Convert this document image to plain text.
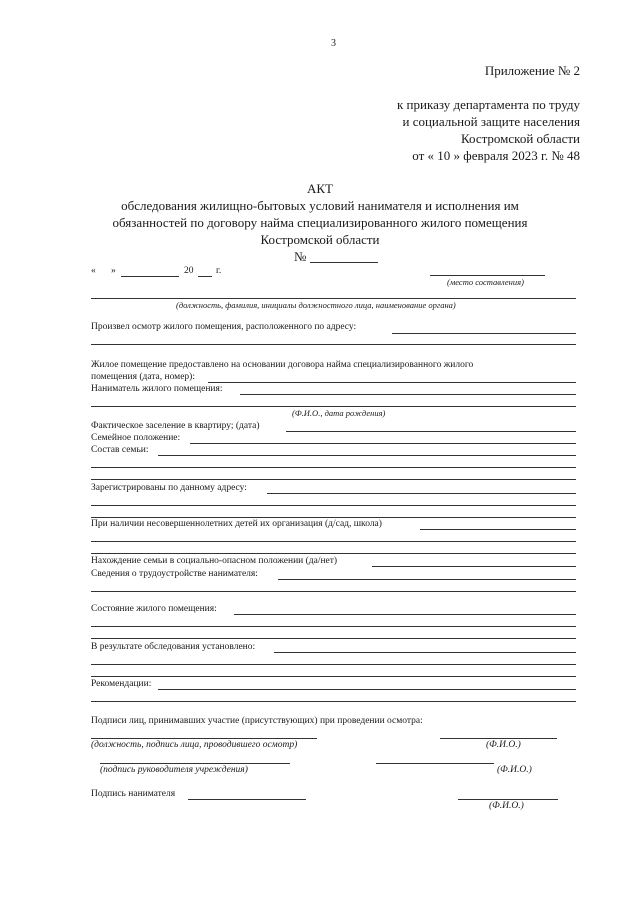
3
Приложение № 2
к приказу департамента по труду
и социальной защите населения
Костромской области
от « 10 » февраля 2023 г. № 48
АКТ
обследования жилищно-бытовых условий нанимателя и исполнения им
обязанностей по договору найма специализированного жилого помещения
Костромской области
№
« »	20 г.
(место составления)
(должность, фамилия, инициалы должностного лица, наименование органа)
Произвел осмотр жилого помещения, расположенного по адресу:
Жилое помещение предоставлено на основании договора найма специализированного жилого
помещения (дата, номер):
Наниматель жилого помещения:
(Ф.И.О., дата рождения)
Фактическое заселение в квартиру; (дата)
Семейное положение:
Состав семьи:
Зарегистрированы по данному адресу:
При наличии несовершеннолетних детей их организация (д/сад, школа)
Нахождение семьи в социально-опасном положении (да/нет)
Сведения о трудоустройстве нанимателя:
Состояние жилого помещения:
В результате обследования установлено:
Рекомендации:
Подписи лиц, принимавших участие (присутствующих) при проведении осмотра:
(должность, подпись лица, проводившего осмотр)	(Ф.И.О.)
(подпись руководителя учреждения)	(Ф.И.О.)
Подпись нанимателя
(Ф.И.О.)
